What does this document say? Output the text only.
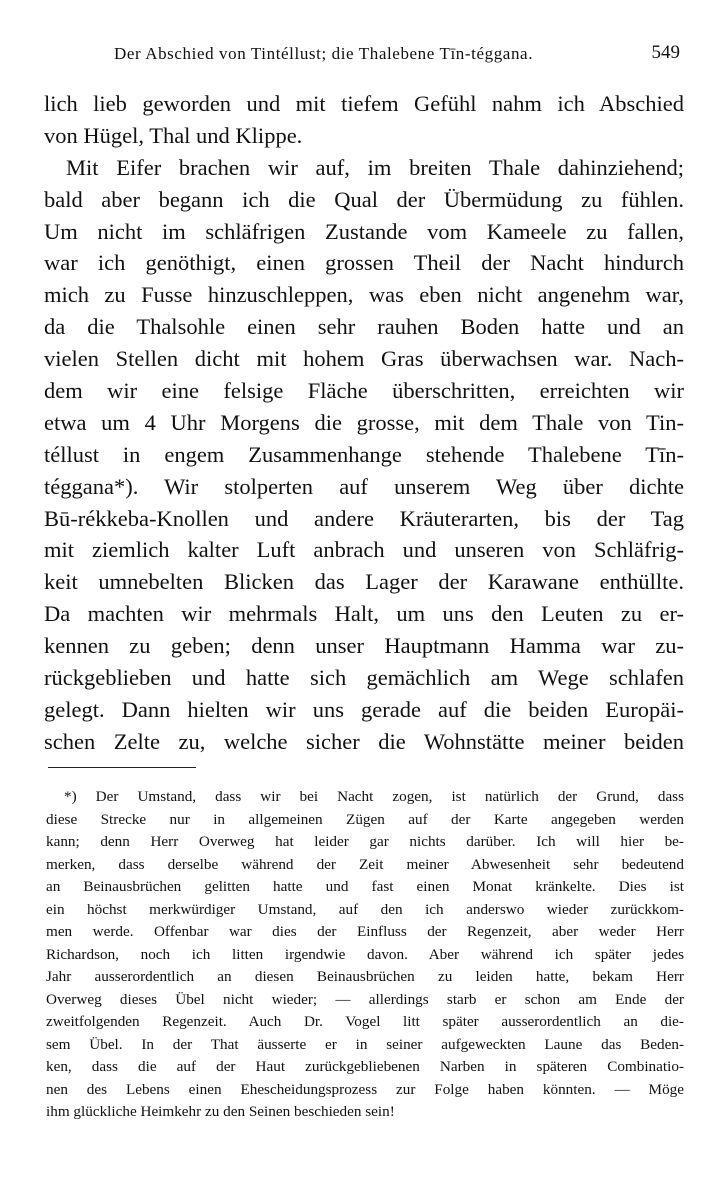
Der Abschied von Tintéllust; die Thalebene Tīn-téggana.	549
lich lieb geworden und mit tiefem Gefühl nahm ich Abschied
von Hügel, Thal und Klippe.
Mit Eifer brachen wir auf, im breiten Thale dahinziehend;
bald aber begann ich die Qual der Übermüdung zu fühlen.
Um nicht im schläfrigen Zustande vom Kameele zu fallen,
war ich genöthigt, einen grossen Theil der Nacht hindurch
mich zu Fusse hinzuschleppen, was eben nicht angenehm war,
da die Thalsohle einen sehr rauhen Boden hatte und an
vielen Stellen dicht mit hohem Gras überwachsen war. Nach-
dem wir eine felsige Fläche überschritten, erreichten wir
etwa um 4 Uhr Morgens die grosse, mit dem Thale von Tin-
téllust in engem Zusammenhange stehende Thalebene Tīn-
téggana*). Wir stolperten auf unserem Weg über dichte
Bū-rékkeba-Knollen und andere Kräuterarten, bis der Tag
mit ziemlich kalter Luft anbrach und unseren von Schläfrig-
keit umnebelten Blicken das Lager der Karawane enthüllte.
Da machten wir mehrmals Halt, um uns den Leuten zu er-
kennen zu geben; denn unser Hauptmann Hamma war zu-
rückgeblieben und hatte sich gemächlich am Wege schlafen
gelegt. Dann hielten wir uns gerade auf die beiden Europäi-
schen Zelte zu, welche sicher die Wohnstätte meiner beiden
*) Der Umstand, dass wir bei Nacht zogen, ist natürlich der Grund, dass
diese Strecke nur in allgemeinen Zügen auf der Karte angegeben werden
kann; denn Herr Overweg hat leider gar nichts darüber. Ich will hier be-
merken, dass derselbe während der Zeit meiner Abwesenheit sehr bedeutend
an Beinausbrüchen gelitten hatte und fast einen Monat kränkelte. Dies ist
ein höchst merkwürdiger Umstand, auf den ich anderswo wieder zurückkom-
men werde. Offenbar war dies der Einfluss der Regenzeit, aber weder Herr
Richardson, noch ich litten irgendwie davon. Aber während ich später jedes
Jahr ausserordentlich an diesen Beinausbrüchen zu leiden hatte, bekam Herr
Overweg dieses Übel nicht wieder; — allerdings starb er schon am Ende der
zweitfolgenden Regenzeit. Auch Dr. Vogel litt später ausserordentlich an die-
sem Übel. In der That äusserte er in seiner aufgeweckten Laune das Beden-
ken, dass die auf der Haut zurückgebliebenen Narben in späteren Combinatio-
nen des Lebens einen Ehescheidungsprozess zur Folge haben könnten. — Möge
ihm glückliche Heimkehr zu den Seinen beschieden sein!
